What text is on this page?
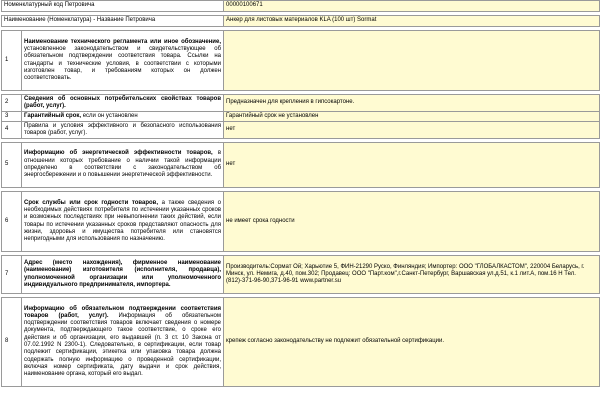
Номенклатурный код Петровича		00000100671

Наименование (Номенклатура) - Название Петровича		Анкер для листовых материалов KLA (100 шт) Sormat

1	Наименование технического регламента или иное обозначение, установленное законодательством и свидетельствующее об обязательном подтверждении соответствия товара. Ссылки на стандарты и технические условия, в соответствии с которыми изготовлен товар, и требованиям которых он должен соответствовать.	

2	Сведения об основных потребительских свойствах товаров (работ, услуг).	Предназначен для крепления в гипсокартоне.
3	Гарантийный срок, если он установлен	Гарантийный срок не установлен
4	Правила и условия эффективного и безопасного использования товаров (работ, услуг).	нет

5	Информацию об энергетической эффективности товаров, в отношении которых требование о наличии такой информации определено в соответствии с законодательством об энергосбережении и о повышении энергетической эффективности.	нет

6	Срок службы или срок годности товаров, а также сведения о необходимых действиях потребителя по истечении указанных сроков и возможных последствиях при невыполнении таких действий, если товары по истечении указанных сроков представляют опасность для жизни, здоровья и имущества потребителя или становятся непригодными для использования по назначению.	не имеет срока годности

7	Адрес (место нахождения), фирменное наименование (наименование) изготовителя (исполнителя, продавца), уполномоченной организации или уполномоченного индивидуального предпринимателя, импортера.	Производитель:Сормат Ой; Харьютие 5, ФИН-21290 Руско, Финляндия; Импортер: ООО "ГЛОБАЛКАСТОМ", 220004 Беларусь, г. Минск, ул. Немига, д.40, пом.302; Продавец: ООО "Парт.ком",г.Санкт-Петербург, Варшавская ул.д.51, к.1 лит.А, пом.16 Н Тел.(812)-371-96-90,371-96-91 www.partner.su

8	Информацию об обязательном подтверждении соответствия товаров (работ, услуг). Информация об обязательном подтверждении соответствия товаров включает сведения о номере документа, подтверждающего такое соответствие, о сроке его действия и об организации, его выдавшей (п. 3 ст. 10 Закона от 07.02.1992 N 2300-1). Следовательно, в сертификации, если товар подлежит сертификации, этикетка или упаковка товара должна содержать полную информацию о проведенной сертификации, включая номер сертификата, дату выдачи и срок действия, наименование органа, который его выдал.	крепеж согласно законодательству не подлежит обязательной сертификации.
